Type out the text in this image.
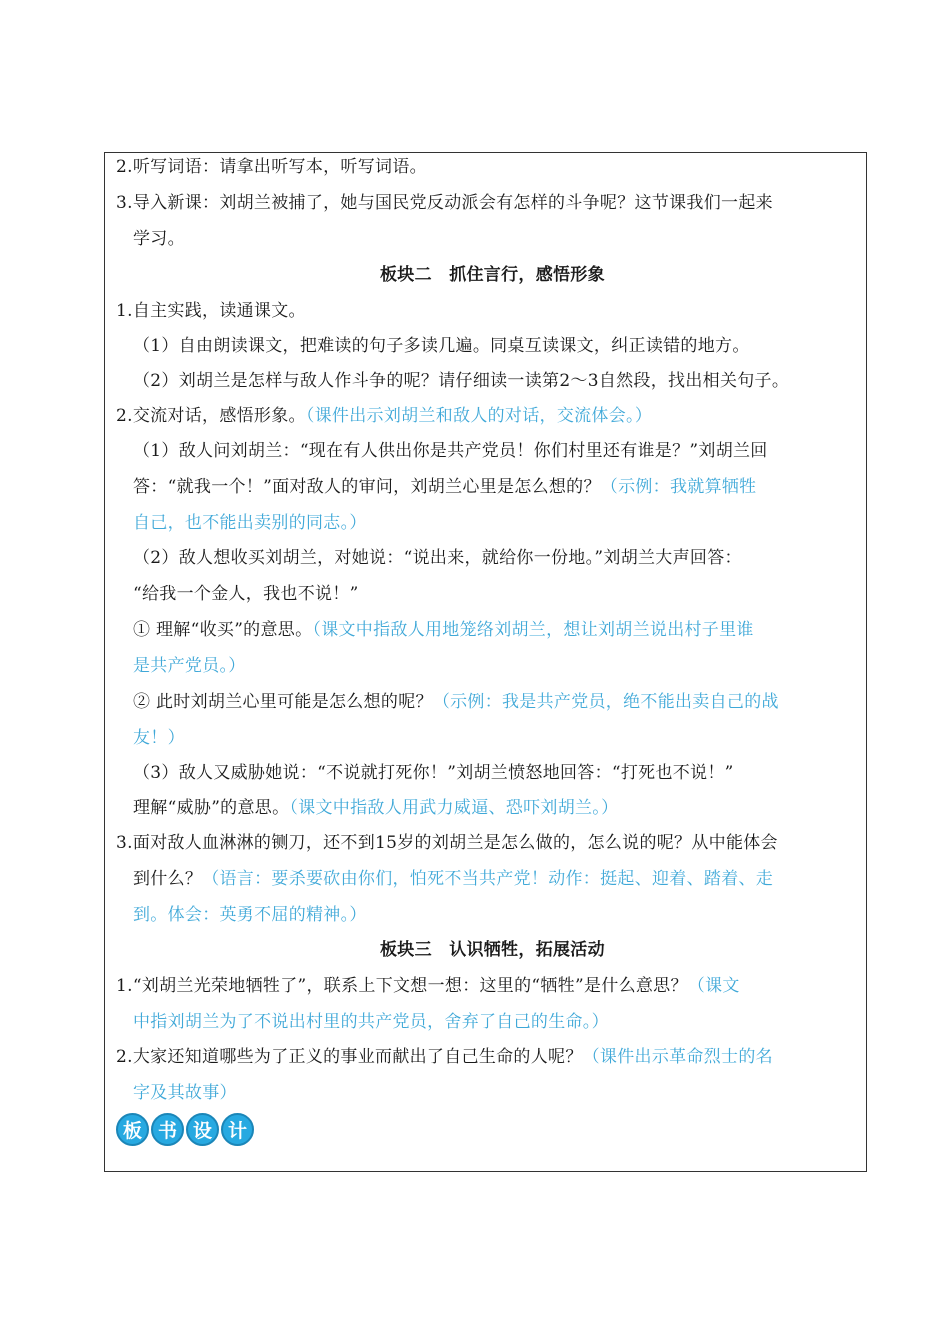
2.听写词语：请拿出听写本，听写词语。
3.导入新课：刘胡兰被捕了，她与国民党反动派会有怎样的斗争呢？这节课我们一起来
学习。
板块二　抓住言行，感悟形象
1.自主实践，读通课文。
（1）自由朗读课文，把难读的句子多读几遍。同桌互读课文，纠正读错的地方。
（2）刘胡兰是怎样与敌人作斗争的呢？请仔细读一读第2～3自然段，找出相关句子。
2.交流对话，感悟形象。（课件出示刘胡兰和敌人的对话，交流体会。）
（1）敌人问刘胡兰：“现在有人供出你是共产党员！你们村里还有谁是？”刘胡兰回
答：“就我一个！”面对敌人的审问，刘胡兰心里是怎么想的？（示例：我就算牺牲
自己，也不能出卖别的同志。）
（2）敌人想收买刘胡兰，对她说：“说出来，就给你一份地。”刘胡兰大声回答：
“给我一个金人，我也不说！”
① 理解“收买”的意思。（课文中指敌人用地笼络刘胡兰，想让刘胡兰说出村子里谁
是共产党员。）
② 此时刘胡兰心里可能是怎么想的呢？（示例：我是共产党员，绝不能出卖自己的战
友！）
（3）敌人又威胁她说：“不说就打死你！”刘胡兰愤怒地回答：“打死也不说！”
理解“威胁”的意思。（课文中指敌人用武力威逼、恐吓刘胡兰。）
3.面对敌人血淋淋的铡刀，还不到15岁的刘胡兰是怎么做的，怎么说的呢？从中能体会
到什么？（语言：要杀要砍由你们，怕死不当共产党！动作：挺起、迎着、踏着、走
到。体会：英勇不屈的精神。）
板块三　认识牺牲，拓展活动
1.“刘胡兰光荣地牺牲了”，联系上下文想一想：这里的“牺牲”是什么意思？（课文
中指刘胡兰为了不说出村里的共产党员，舍弃了自己的生命。）
2.大家还知道哪些为了正义的事业而献出了自己生命的人呢？（课件出示革命烈士的名
字及其故事）
板 书 设 计
